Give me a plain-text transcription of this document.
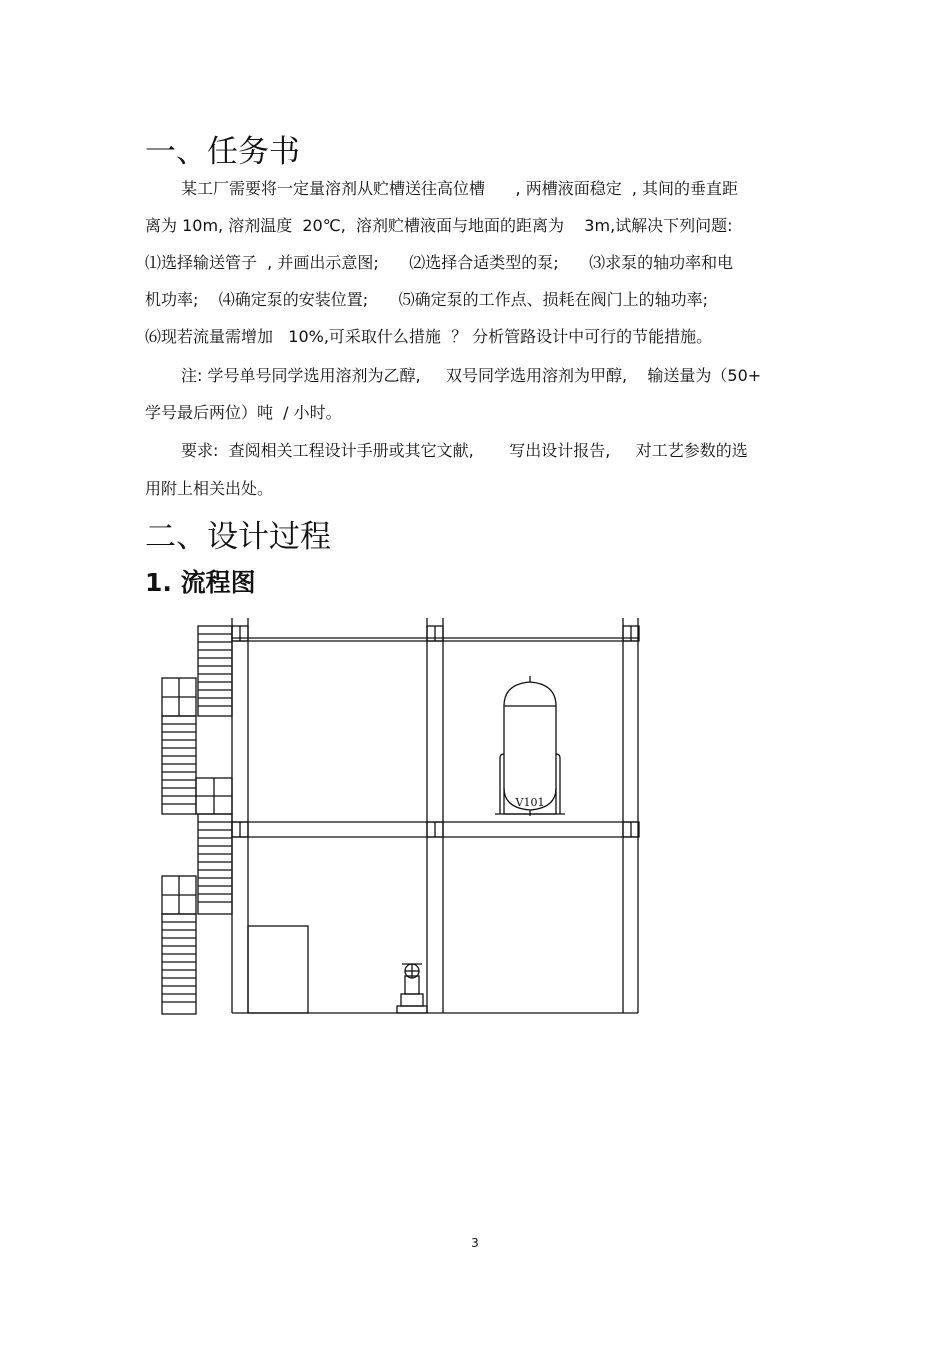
一、任务书
某工厂需要将一定量溶剂从贮槽送往高位槽      , 两槽液面稳定  , 其间的垂直距
离为 10m, 溶剂温度  20℃,  溶剂贮槽液面与地面的距离为    3m,试解决下列问题:
⑴选择输送管子  , 并画出示意图;      ⑵选择合适类型的泵;      ⑶求泵的轴功率和电
机功率;    ⑷确定泵的安装位置;      ⑸确定泵的工作点、损耗在阀门上的轴功率;
⑹现若流量需增加   10%,可采取什么措施  ？ 分析管路设计中可行的节能措施。
注: 学号单号同学选用溶剂为乙醇,     双号同学选用溶剂为甲醇,    输送量为（50+
学号最后两位）吨  / 小时。
要求:  查阅相关工程设计手册或其它文献,       写出设计报告,     对工艺参数的选
用附上相关出处。
二、设计过程
1. 流程图
V101
3
